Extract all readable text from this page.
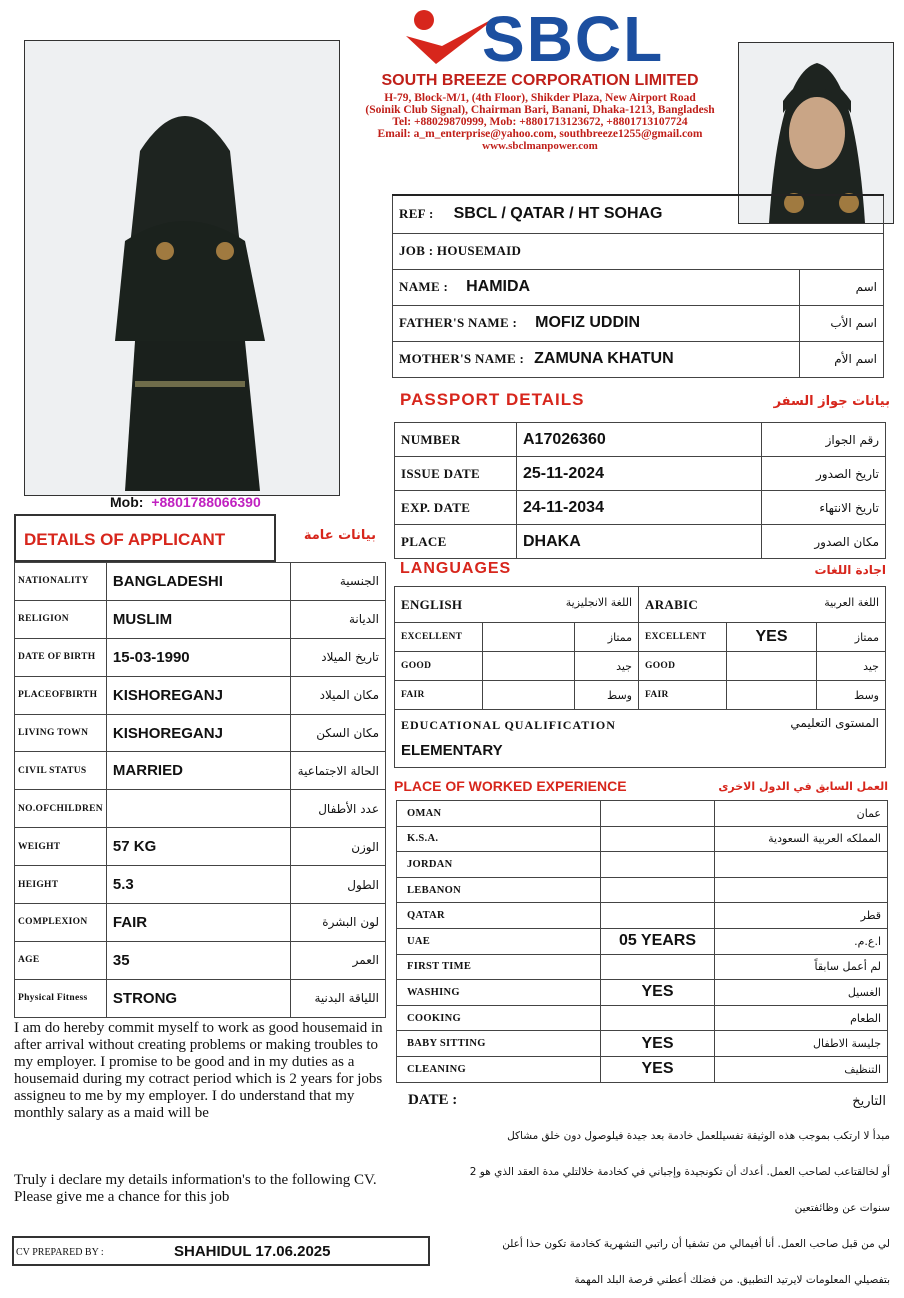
SBCL
SOUTH BREEZE CORPORATION LIMITED
H-79, Block-M/1, (4th Floor), Shikder Plaza, New Airport Road
(Soinik Club Signal), Chairman Bari, Banani, Dhaka-1213, Bangladesh
Tel: +88029870999, Mob: +8801713123672, +8801713107724
Email: a_m_enterprise@yahoo.com, southbreeze1255@gmail.com
www.sbclmanpower.com
Mob: +8801788066390
REF : SBCL / QATAR / HT SOHAG	
JOB : HOUSEMAID	
NAME : HAMIDA	اسم
FATHER'S NAME : MOFIZ UDDIN	اسم الأب
MOTHER'S NAME : ZAMUNA KHATUN	اسم الأم
PASSPORT DETAILS	بيانات جواز السفر
NUMBER	A17026360	رقم الجواز
ISSUE DATE	25-11-2024	تاريخ الصدور
EXP. DATE	24-11-2034	تاريخ الانتهاء
PLACE	DHAKA	مكان الصدور
LANGUAGES	اجادة اللغات
ENGLISH اللغة الانجليزية			ARABIC اللغة العربية		

EXCELLENT		ممتاز	EXCELLENT	YES	ممتاز
GOOD		جيد	GOOD		جيد
FAIR		وسط	FAIR		وسط
EDUCATIONAL QUALIFICATION المستوى التعليمي
ELEMENTARY					
DETAILS OF APPLICANT	بيانات عامة
NATIONALITY	BANGLADESHI	الجنسية
RELIGION	MUSLIM	الديانة
DATE OF BIRTH	15-03-1990	تاريخ الميلاد
PLACEOFBIRTH	KISHOREGANJ	مكان الميلاد
LIVING TOWN	KISHOREGANJ	مكان السكن
CIVIL STATUS	MARRIED	الحالة الاجتماعية
NO.OFCHILDREN		عدد الأطفال
WEIGHT	57 KG	الوزن
HEIGHT	5.3	الطول
COMPLEXION	FAIR	لون البشرة
AGE	35	العمر
Physical Fitness	STRONG	اللياقة البدنية
PLACE OF WORKED EXPERIENCE	العمل السابق في الدول الاخرى
OMAN		عمان
K.S.A.		المملكه العربية السعودية
JORDAN		
LEBANON		
QATAR		قطر
UAE	05 YEARS	ا.ع.م.
FIRST TIME		لم أعمل سابقاً
WASHING	YES	الغسيل
COOKING		الطعام
BABY SITTING	YES	جليسة الاطفال
CLEANING	YES	التنظيف
I am do hereby commit myself to work as good housemaid in after arrival without creating problems or making troubles to my employer. I promise to be good and in my duties as a housemaid during my cotract period which is 2 years for jobs assigneu to me by my employer. I do understand that my monthly salary as a maid will be
Truly i declare my details information's to the following CV. Please give me a chance for this job
DATE :	التاريخ
مبدأ لا ارتكب بموجب هذه الوثيقة تفسيللعمل خادمة بعد جيدة فيلوصول دون خلق مشاكل
أو لخالقتاعب لصاحب العمل. أعدك أن تكونجيدة وإجباني في كخادمة خلالتلي مدة العقد الذي هو 2 سنوات عن وظائفتعين
لي من قبل صاحب العمل. أنا أفيمالي من تشفيا أن راتبي التشهرية كخادمة تكون حذا أعلن
بتفصيلي المعلومات لايرتيد التطبيق. من فضلك أعطني فرصة البلد المهمة
CV PREPARED BY :	SHAHIDUL 17.06.2025
